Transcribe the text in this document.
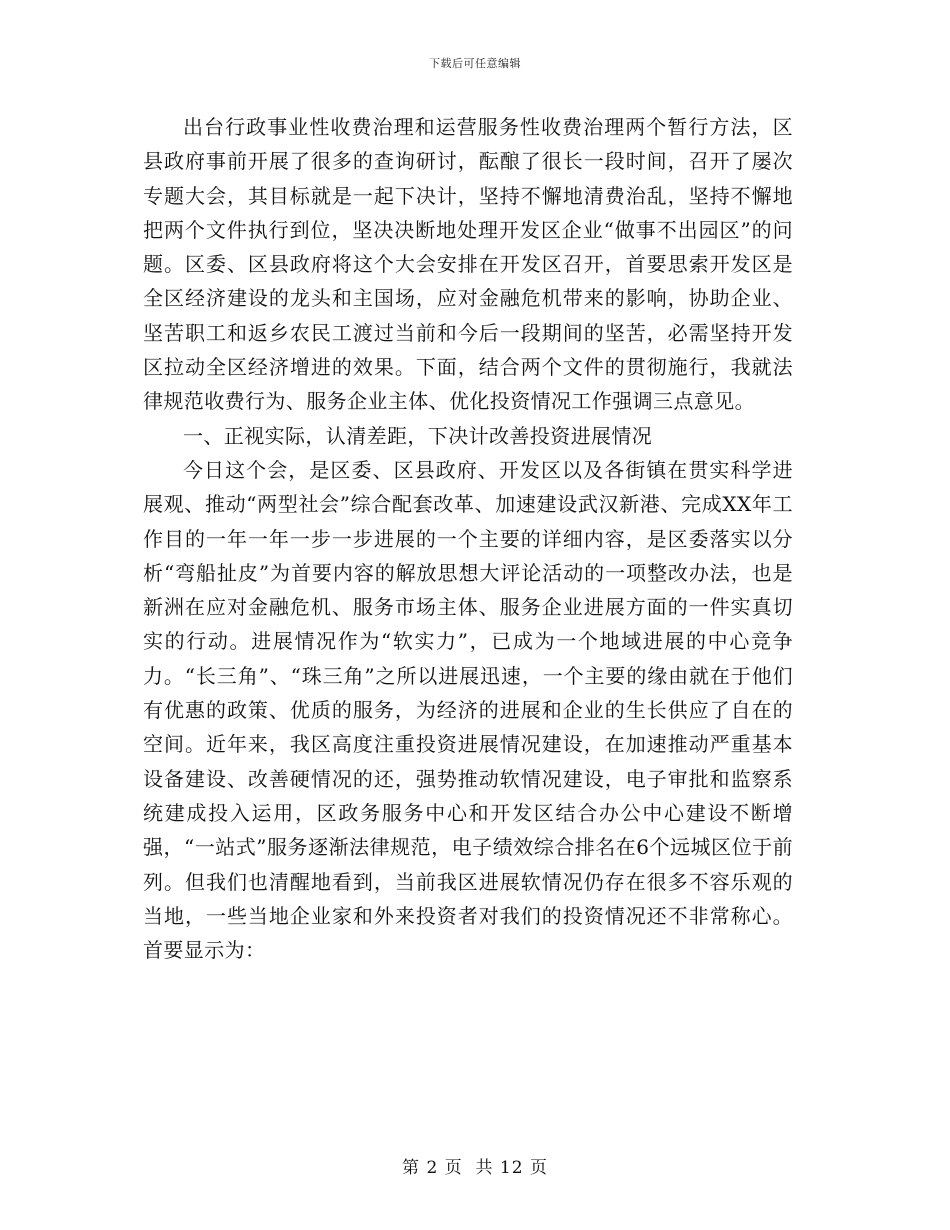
下载后可任意编辑

出台行政事业性收费治理和运营服务性收费治理两个暂行方法，区县政府事前开展了很多的查询研讨，酝酿了很长一段时间，召开了屡次专题大会，其目标就是一起下决计，坚持不懈地清费治乱，坚持不懈地把两个文件执行到位，坚决决断地处理开发区企业“做事不出园区”的问题。区委、区县政府将这个大会安排在开发区召开，首要思索开发区是全区经济建设的龙头和主国场，应对金融危机带来的影响，协助企业、坚苦职工和返乡农民工渡过当前和今后一段期间的坚苦，必需坚持开发区拉动全区经济增进的效果。下面，结合两个文件的贯彻施行，我就法律规范收费行为、服务企业主体、优化投资情况工作强调三点意见。

一、正视实际，认清差距，下决计改善投资进展情况

今日这个会，是区委、区县政府、开发区以及各街镇在贯实科学进展观、推动“两型社会”综合配套改革、加速建设武汉新港、完成XX年工作目的一年一年一步一步进展的一个主要的详细内容，是区委落实以分析“弯船扯皮”为首要内容的解放思想大评论活动的一项整改办法，也是新洲在应对金融危机、服务市场主体、服务企业进展方面的一件实真切实的行动。进展情况作为“软实力”，已成为一个地域进展的中心竞争力。“长三角”、“珠三角”之所以进展迅速，一个主要的缘由就在于他们有优惠的政策、优质的服务，为经济的进展和企业的生长供应了自在的空间。近年来，我区高度注重投资进展情况建设，在加速推动严重基本设备建设、改善硬情况的还，强势推动软情况建设，电子审批和监察系统建成投入运用，区政务服务中心和开发区结合办公中心建设不断增强，“一站式”服务逐渐法律规范，电子绩效综合排名在6个远城区位于前列。但我们也清醒地看到，当前我区进展软情况仍存在很多不容乐观的当地，一些当地企业家和外来投资者对我们的投资情况还不非常称心。首要显示为：

第 2 页  共 12 页
